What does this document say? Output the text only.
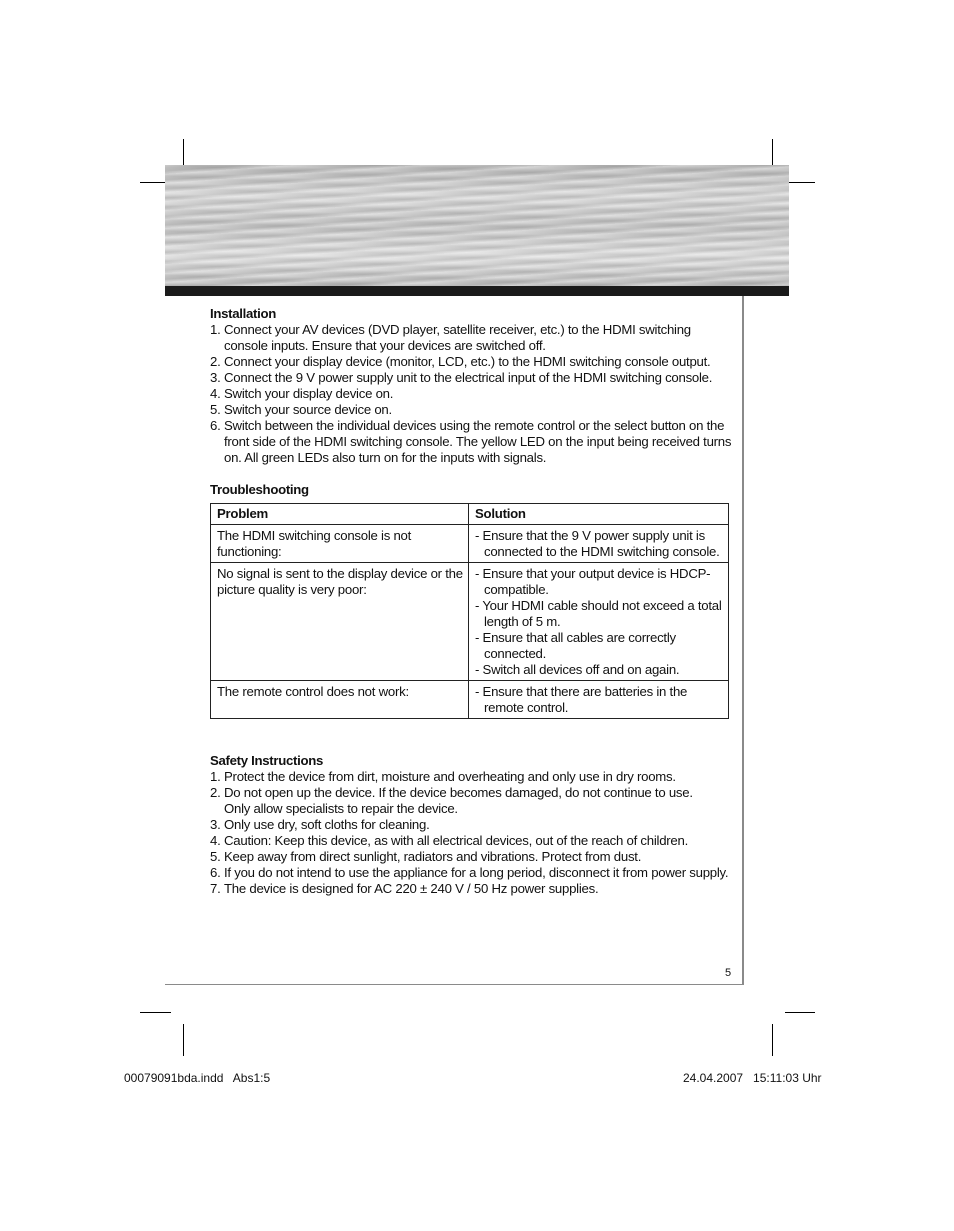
Installation
1. Connect your AV devices (DVD player, satellite receiver, etc.) to the HDMI switching console inputs. Ensure that your devices are switched off.
2. Connect your display device (monitor, LCD, etc.) to the HDMI switching console output.
3. Connect the 9 V power supply unit to the electrical input of the HDMI switching console.
4. Switch your display device on.
5. Switch your source device on.
6. Switch between the individual devices using the remote control or the select button on the front side of the HDMI switching console. The yellow LED on the input being received turns on. All green LEDs also turn on for the inputs with signals.
Troubleshooting
Problem	Solution
The HDMI switching console is not functioning:	- Ensure that the 9 V power supply unit is connected to the HDMI switching console.

No signal is sent to the display device or the picture quality is very poor:	- Ensure that your output device is HDCP-compatible.
- Your HDMI cable should not exceed a total length of 5 m.
- Ensure that all cables are correctly connected.
- Switch all devices off and on again.

The remote control does not work:	- Ensure that there are batteries in the remote control.
Safety Instructions
1. Protect the device from dirt, moisture and overheating and only use in dry rooms.
2. Do not open up the device. If the device becomes damaged, do not continue to use.
Only allow specialists to repair the device.
3. Only use dry, soft cloths for cleaning.
4. Caution: Keep this device, as with all electrical devices, out of the reach of children.
5. Keep away from direct sunlight, radiators and vibrations. Protect from dust.
6. If you do not intend to use the appliance for a long period, disconnect it from power supply.
7. The device is designed for AC 220 ± 240 V / 50 Hz power supplies.
5
00079091bda.indd   Abs1:5	24.04.2007   15:11:03 Uhr
